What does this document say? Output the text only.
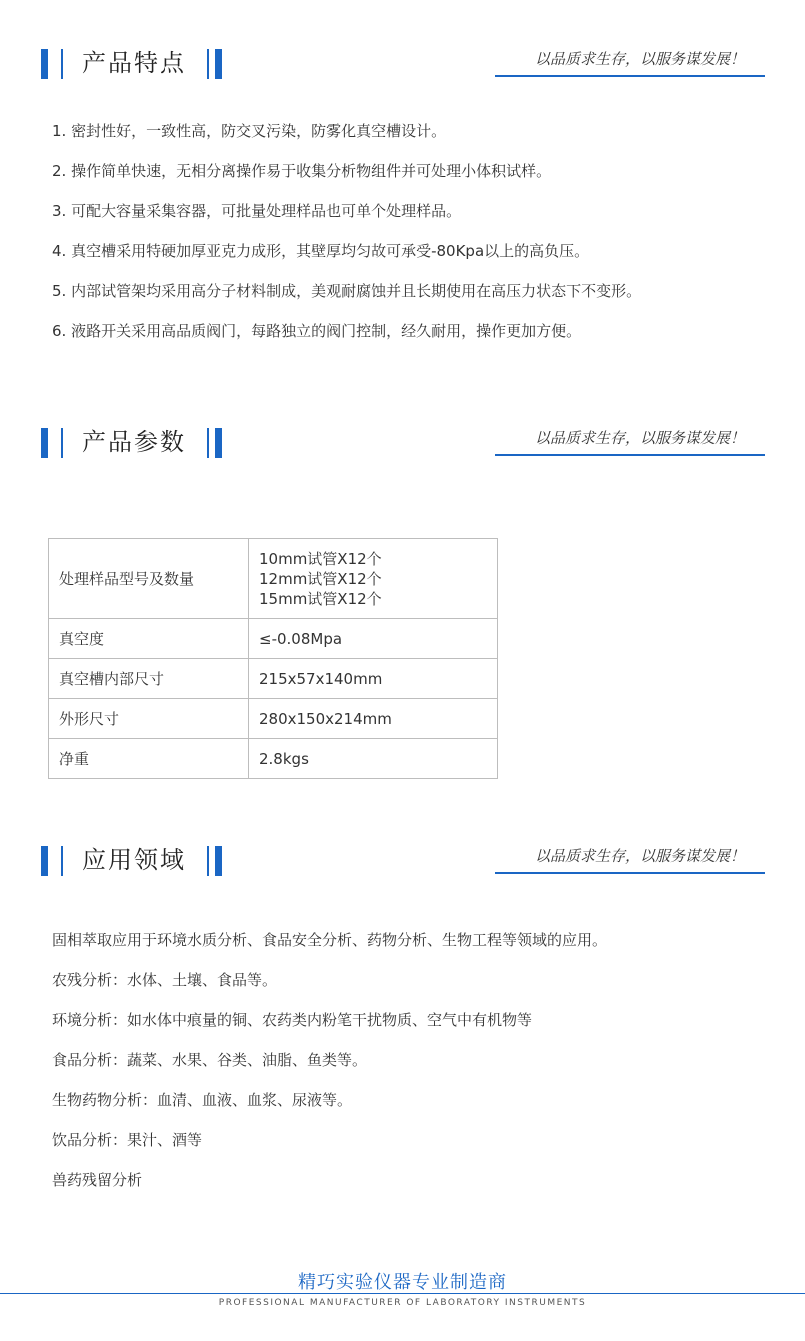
产品特点	以品质求生存，以服务谋发展！
1. 密封性好，一致性高，防交叉污染，防雾化真空槽设计。
2. 操作简单快速，无相分离操作易于收集分析物组件并可处理小体积试样。
3. 可配大容量采集容器，可批量处理样品也可单个处理样品。
4. 真空槽采用特硬加厚亚克力成形，其壁厚均匀故可承受-80Kpa以上的高负压。
5. 内部试管架均采用高分子材料制成，美观耐腐蚀并且长期使用在高压力状态下不变形。
6. 液路开关采用高品质阀门，每路独立的阀门控制，经久耐用，操作更加方便。
产品参数	以品质求生存，以服务谋发展！
处理样品型号及数量	10mm试管X12个
12mm试管X12个
15mm试管X12个

真空度	≤-0.08Mpa
真空槽内部尺寸	215x57x140mm
外形尺寸	280x150x214mm
净重	2.8kgs
应用领域	以品质求生存，以服务谋发展！
固相萃取应用于环境水质分析、食品安全分析、药物分析、生物工程等领域的应用。
农残分析：水体、土壤、食品等。
环境分析：如水体中痕量的铜、农药类内粉笔干扰物质、空气中有机物等
食品分析：蔬菜、水果、谷类、油脂、鱼类等。
生物药物分析：血清、血液、血浆、尿液等。
饮品分析：果汁、酒等
兽药残留分析
精巧实验仪器专业制造商
PROFESSIONAL MANUFACTURER OF LABORATORY INSTRUMENTS
